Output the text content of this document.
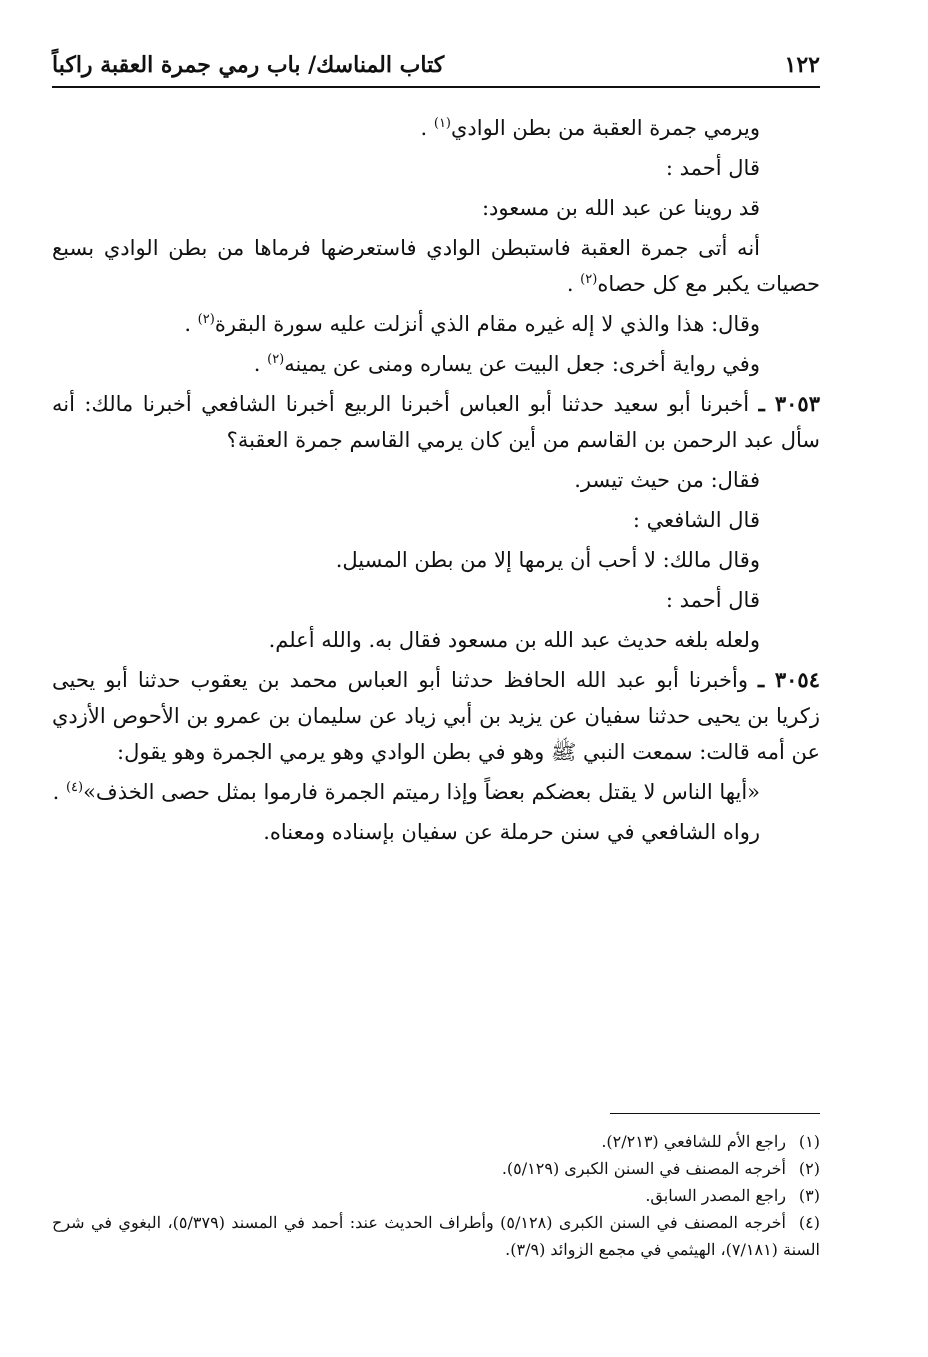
١٢٢
كتاب المناسك/ باب رمي جمرة العقبة راكباً

ويرمي جمرة العقبة من بطن الوادي$^{(١)}$ .

قال أحمد :

قد روينا عن عبد الله بن مسعود:

أنه أتى جمرة العقبة فاستبطن الوادي فاستعرضها فرماها من بطن الوادي بسبع حصيات يكبر مع كل حصاه$^{(٢)}$ .

وقال: هذا والذي لا إله غيره مقام الذي أنزلت عليه سورة البقرة$^{(٢)}$ .

وفي رواية أخرى: جعل البيت عن يساره ومنى عن يمينه$^{(٢)}$ .

٣٠٥٣ ـ أخبرنا أبو سعيد حدثنا أبو العباس أخبرنا الربيع أخبرنا الشافعي أخبرنا مالك: أنه سأل عبد الرحمن بن القاسم من أين كان يرمي القاسم جمرة العقبة؟

فقال: من حيث تيسر.

قال الشافعي :

وقال مالك: لا أحب أن يرمها إلا من بطن المسيل.

قال أحمد :

ولعله بلغه حديث عبد الله بن مسعود فقال به. والله أعلم.

٣٠٥٤ ـ وأخبرنا أبو عبد الله الحافظ حدثنا أبو العباس محمد بن يعقوب حدثنا أبو يحيى زكريا بن يحيى حدثنا سفيان عن يزيد بن أبي زياد عن سليمان بن عمرو بن الأحوص الأزدي عن أمه قالت: سمعت النبي ﷺ وهو في بطن الوادي وهو يرمي الجمرة وهو يقول:

«أيها الناس لا يقتل بعضكم بعضاً وإذا رميتم الجمرة فارموا بمثل حصى الخذف»$^{(٤)}$ .

رواه الشافعي في سنن حرملة عن سفيان بإسناده ومعناه.

(١)راجع الأم للشافعي (٢/٢١٣).

(٢)أخرجه المصنف في السنن الكبرى (٥/١٢٩).

(٣)راجع المصدر السابق.

(٤)أخرجه المصنف في السنن الكبرى (٥/١٢٨) وأطراف الحديث عند: أحمد في المسند (٥/٣٧٩)، البغوي في شرح السنة (٧/١٨١)، الهيثمي في مجمع الزوائد (٣/٩).
